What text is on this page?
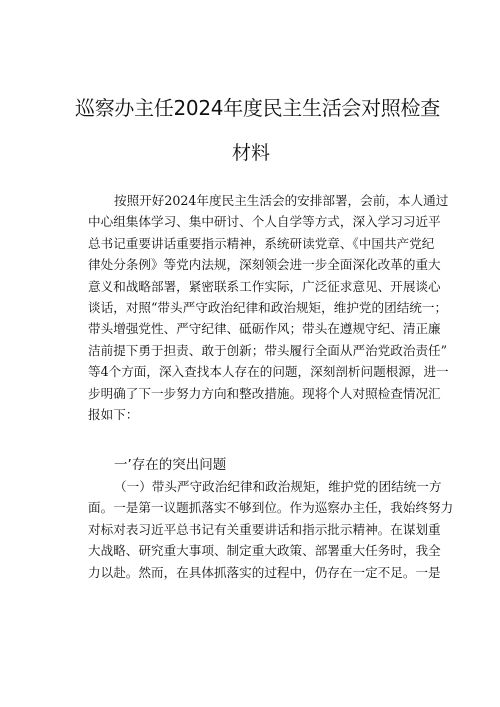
巡察办主任2024年度民主生活会对照检查
材料
按照开好2024年度民主生活会的安排部署，会前，本人通过
中心组集体学习、集中研讨、个人自学等方式，深入学习习近平
总书记重要讲话重要指示精神，系统研读党章、《中国共产党纪
律处分条例》等党内法规，深刻领会进一步全面深化改革的重大
意义和战略部署，紧密联系工作实际，广泛征求意见、开展谈心
谈话，对照“带头严守政治纪律和政治规矩，维护党的团结统一；
带头增强党性、严守纪律、砥砺作风；带头在遵规守纪、清正廉
洁前提下勇于担责、敢于创新；带头履行全面从严治党政治责任”
等4个方面，深入查找本人存在的问题，深刻剖析问题根源，进一
步明确了下一步努力方向和整改措施。现将个人对照检查情况汇
报如下：
一’存在的突出问题
（一）带头严守政治纪律和政治规矩，维护党的团结统一方
面。一是第一议题抓落实不够到位。作为巡察办主任，我始终努力
对标对表习近平总书记有关重要讲话和指示批示精神。在谋划重
大战略、研究重大事项、制定重大政策、部署重大任务时，我全
力以赴。然而，在具体抓落实的过程中，仍存在一定不足。一是
